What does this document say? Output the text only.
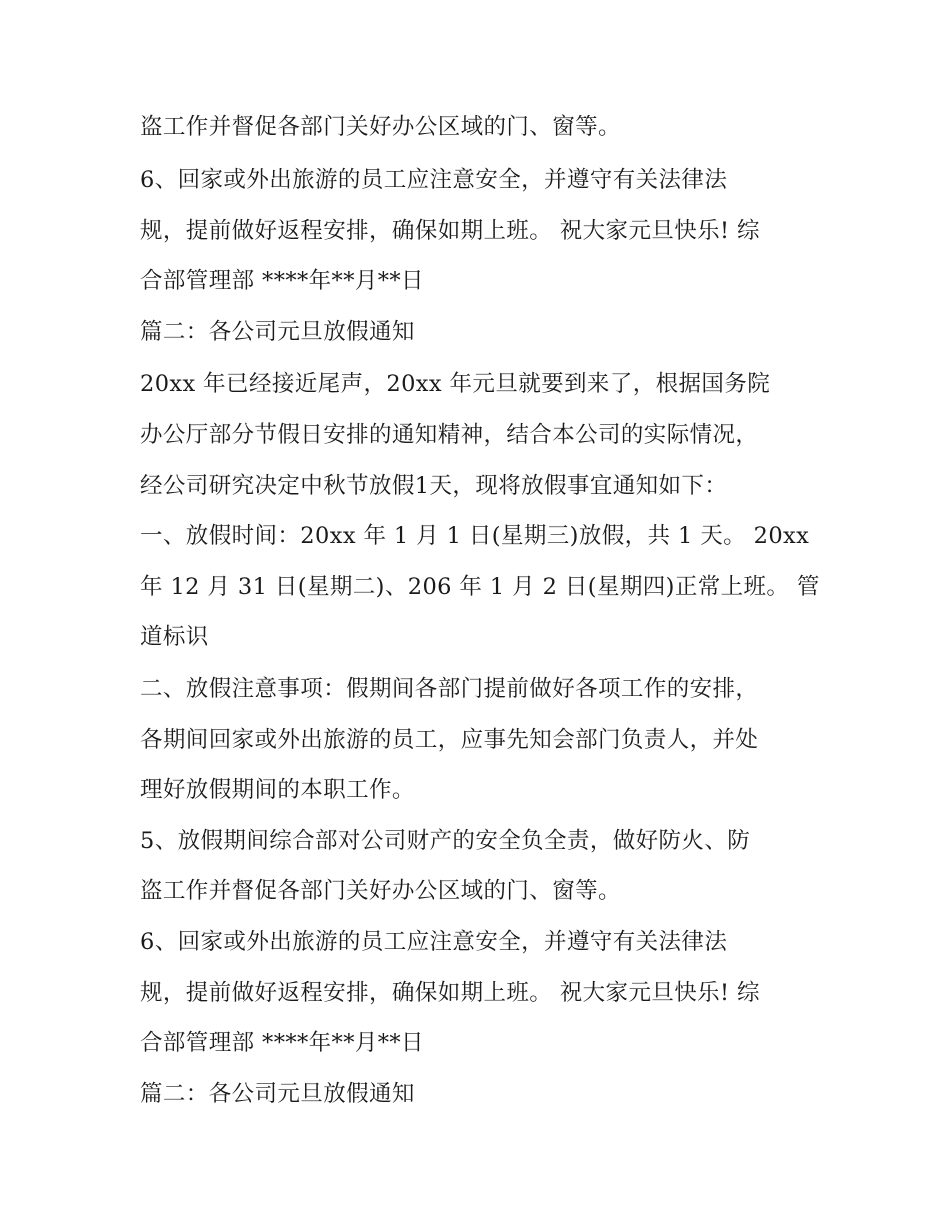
盗工作并督促各部门关好办公区域的门、窗等。
6、回家或外出旅游的员工应注意安全，并遵守有关法律法
规，提前做好返程安排，确保如期上班。 祝大家元旦快乐! 综
合部管理部 ****年**月**日
篇二：各公司元旦放假通知
20xx 年已经接近尾声，20xx 年元旦就要到来了，根据国务院
办公厅部分节假日安排的通知精神，结合本公司的实际情况，
经公司研究决定中秋节放假1天，现将放假事宜通知如下：
一、放假时间：20xx 年 1 月 1 日(星期三)放假，共 1 天。 20xx
年 12 月 31 日(星期二)、206 年 1 月 2 日(星期四)正常上班。 管
道标识
二、放假注意事项：假期间各部门提前做好各项工作的安排，
各期间回家或外出旅游的员工，应事先知会部门负责人，并处
理好放假期间的本职工作。
5、放假期间综合部对公司财产的安全负全责，做好防火、防
盗工作并督促各部门关好办公区域的门、窗等。
6、回家或外出旅游的员工应注意安全，并遵守有关法律法
规，提前做好返程安排，确保如期上班。 祝大家元旦快乐! 综
合部管理部 ****年**月**日
篇二：各公司元旦放假通知
